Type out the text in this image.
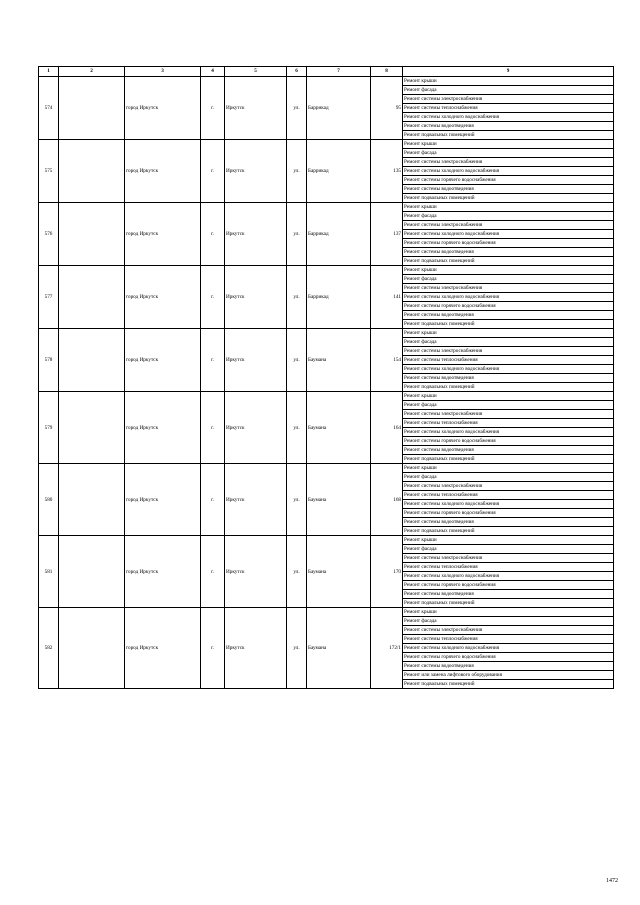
1	2	3	4	5	6	7	8	9
574		город Иркутск	г.	Иркутск	ул.	Баррикад	95	Ремонт крыши
								Ремонт фасада
								Ремонт системы электроснабжения
								Ремонт системы теплоснабжения
								Ремонт системы холодного водоснабжения
								Ремонт системы водоотведения
								Ремонт подвальных помещений
575		город Иркутск	г.	Иркутск	ул.	Баррикад	135	Ремонт крыши
								Ремонт фасада
								Ремонт системы электроснабжения
								Ремонт системы холодного водоснабжения
								Ремонт системы горячего водоснабжения
								Ремонт системы водоотведения
								Ремонт подвальных помещений
576		город Иркутск	г.	Иркутск	ул.	Баррикад	137	Ремонт крыши
								Ремонт фасада
								Ремонт системы электроснабжения
								Ремонт системы холодного водоснабжения
								Ремонт системы горячего водоснабжения
								Ремонт системы водоотведения
								Ремонт подвальных помещений
577		город Иркутск	г.	Иркутск	ул.	Баррикад	141	Ремонт крыши
								Ремонт фасада
								Ремонт системы электроснабжения
								Ремонт системы холодного водоснабжения
								Ремонт системы горячего водоснабжения
								Ремонт системы водоотведения
								Ремонт подвальных помещений
578		город Иркутск	г.	Иркутск	ул.	Баумана	154	Ремонт крыши
								Ремонт фасада
								Ремонт системы электроснабжения
								Ремонт системы теплоснабжения
								Ремонт системы холодного водоснабжения
								Ремонт системы водоотведения
								Ремонт подвальных помещений
579		город Иркутск	г.	Иркутск	ул.	Баумана	164	Ремонт крыши
								Ремонт фасада
								Ремонт системы электроснабжения
								Ремонт системы теплоснабжения
								Ремонт системы холодного водоснабжения
								Ремонт системы горячего водоснабжения
								Ремонт системы водоотведения
								Ремонт подвальных помещений
580		город Иркутск	г.	Иркутск	ул.	Баумана	168	Ремонт крыши
								Ремонт фасада
								Ремонт системы электроснабжения
								Ремонт системы теплоснабжения
								Ремонт системы холодного водоснабжения
								Ремонт системы горячего водоснабжения
								Ремонт системы водоотведения
								Ремонт подвальных помещений
581		город Иркутск	г.	Иркутск	ул.	Баумана	170	Ремонт крыши
								Ремонт фасада
								Ремонт системы электроснабжения
								Ремонт системы теплоснабжения
								Ремонт системы холодного водоснабжения
								Ремонт системы горячего водоснабжения
								Ремонт системы водоотведения
								Ремонт подвальных помещений
582		город Иркутск	г.	Иркутск	ул.	Баумана	172/1	Ремонт крыши
								Ремонт фасада
								Ремонт системы электроснабжения
								Ремонт системы теплоснабжения
								Ремонт системы холодного водоснабжения
								Ремонт системы горячего водоснабжения
								Ремонт системы водоотведения
								Ремонт или замена лифтового оборудования
								Ремонт подвальных помещений
1472
